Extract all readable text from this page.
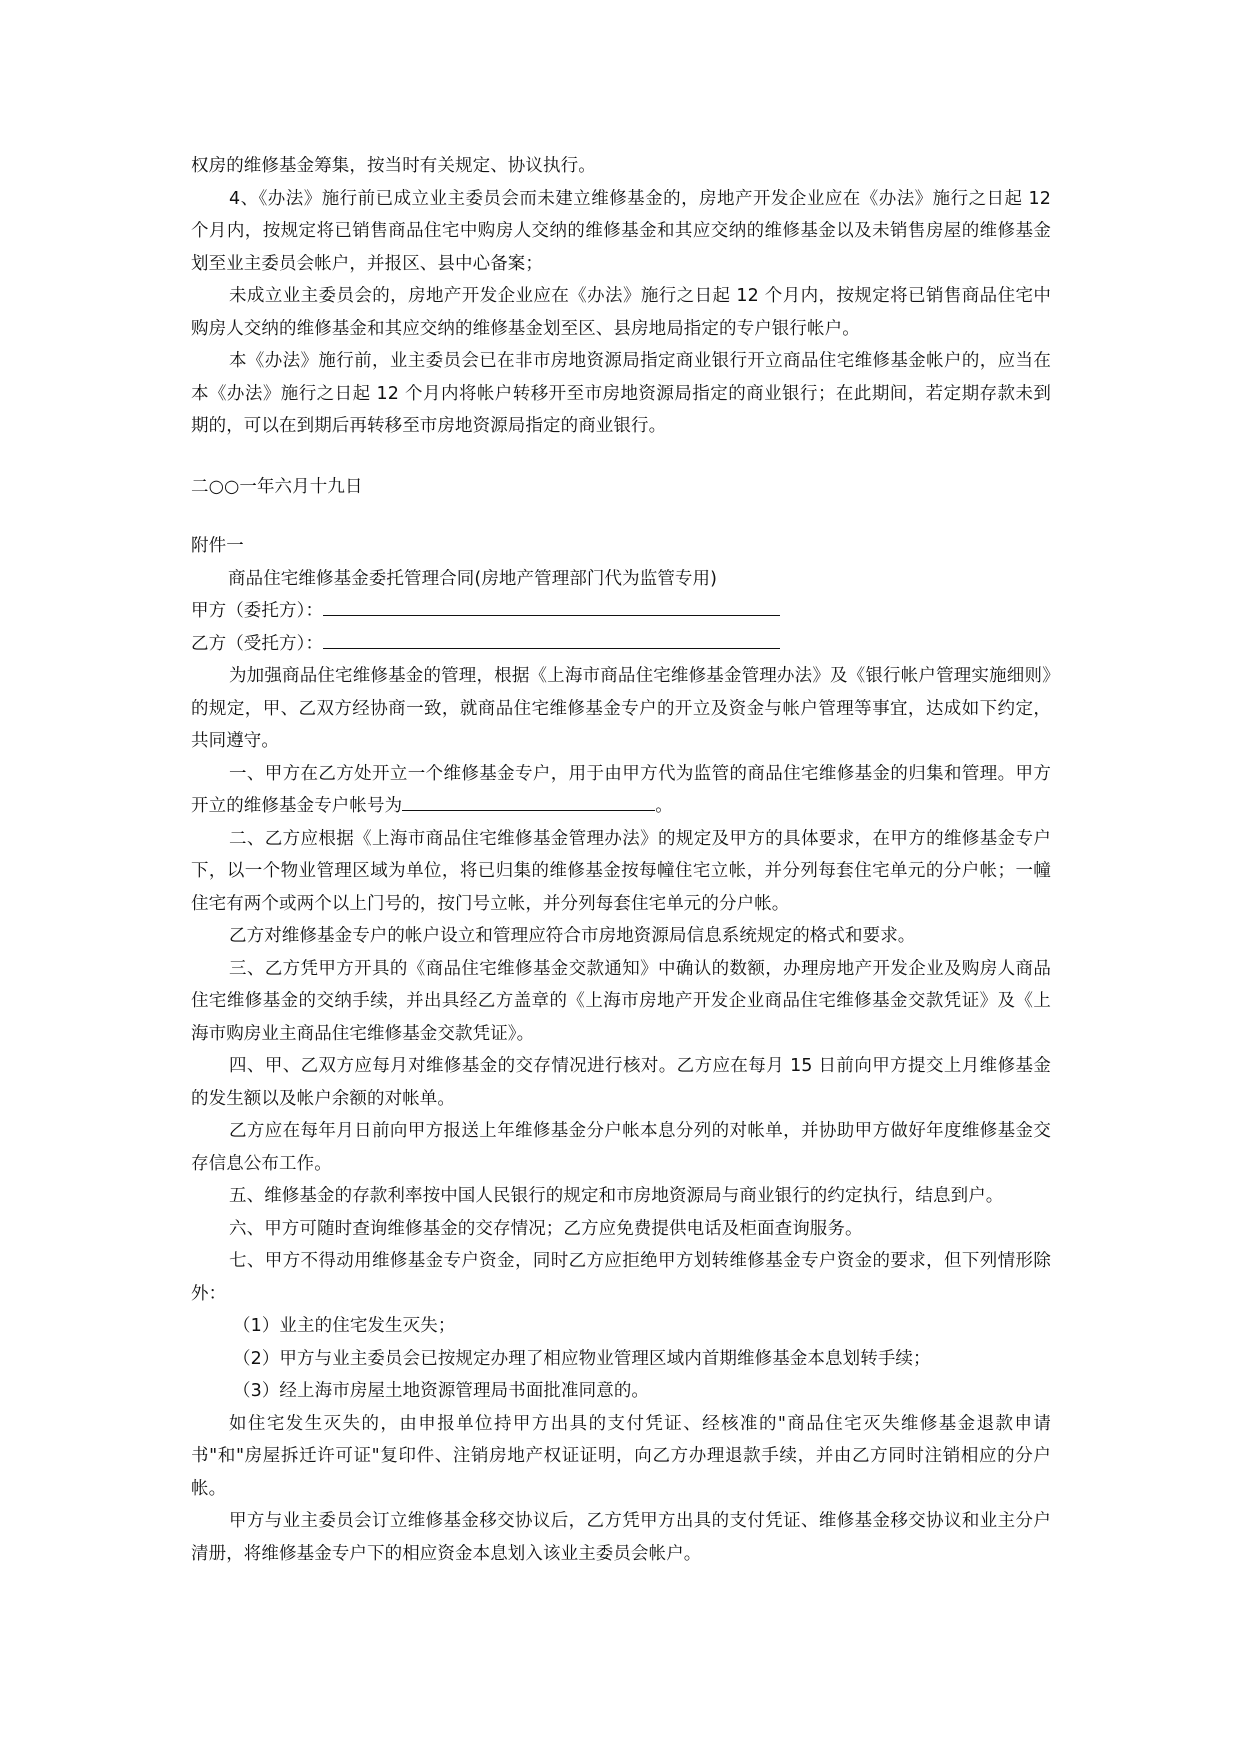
权房的维修基金筹集，按当时有关规定、协议执行。

4、《办法》施行前已成立业主委员会而未建立维修基金的，房地产开发企业应在《办法》施行之日起 12 个月内，按规定将已销售商品住宅中购房人交纳的维修基金和其应交纳的维修基金以及未销售房屋的维修基金划至业主委员会帐户，并报区、县中心备案；

未成立业主委员会的，房地产开发企业应在《办法》施行之日起 12 个月内，按规定将已销售商品住宅中购房人交纳的维修基金和其应交纳的维修基金划至区、县房地局指定的专户银行帐户。

本《办法》施行前，业主委员会已在非市房地资源局指定商业银行开立商品住宅维修基金帐户的，应当在本《办法》施行之日起 12 个月内将帐户转移开至市房地资源局指定的商业银行；在此期间，若定期存款未到期的，可以在到期后再转移至市房地资源局指定的商业银行。

二○○一年六月十九日

附件一

商品住宅维修基金委托管理合同(房地产管理部门代为监管专用)

甲方（委托方）：

乙方（受托方）：

为加强商品住宅维修基金的管理，根据《上海市商品住宅维修基金管理办法》及《银行帐户管理实施细则》的规定，甲、乙双方经协商一致，就商品住宅维修基金专户的开立及资金与帐户管理等事宜，达成如下约定，共同遵守。

一、甲方在乙方处开立一个维修基金专户，用于由甲方代为监管的商品住宅维修基金的归集和管理。甲方开立的维修基金专户帐号为	。

二、乙方应根据《上海市商品住宅维修基金管理办法》的规定及甲方的具体要求，在甲方的维修基金专户下，以一个物业管理区域为单位，将已归集的维修基金按每幢住宅立帐，并分列每套住宅单元的分户帐；一幢住宅有两个或两个以上门号的，按门号立帐，并分列每套住宅单元的分户帐。

乙方对维修基金专户的帐户设立和管理应符合市房地资源局信息系统规定的格式和要求。

三、乙方凭甲方开具的《商品住宅维修基金交款通知》中确认的数额，办理房地产开发企业及购房人商品住宅维修基金的交纳手续，并出具经乙方盖章的《上海市房地产开发企业商品住宅维修基金交款凭证》及《上海市购房业主商品住宅维修基金交款凭证》。

四、甲、乙双方应每月对维修基金的交存情况进行核对。乙方应在每月 15 日前向甲方提交上月维修基金的发生额以及帐户余额的对帐单。

乙方应在每年月日前向甲方报送上年维修基金分户帐本息分列的对帐单，并协助甲方做好年度维修基金交存信息公布工作。

五、维修基金的存款利率按中国人民银行的规定和市房地资源局与商业银行的约定执行，结息到户。

六、甲方可随时查询维修基金的交存情况；乙方应免费提供电话及柜面查询服务。

七、甲方不得动用维修基金专户资金，同时乙方应拒绝甲方划转维修基金专户资金的要求，但下列情形除外：

（1）业主的住宅发生灭失；

（2）甲方与业主委员会已按规定办理了相应物业管理区域内首期维修基金本息划转手续；

（3）经上海市房屋土地资源管理局书面批准同意的。

如住宅发生灭失的，由申报单位持甲方出具的支付凭证、经核准的"商品住宅灭失维修基金退款申请书"和"房屋拆迁许可证"复印件、注销房地产权证证明，向乙方办理退款手续，并由乙方同时注销相应的分户帐。

甲方与业主委员会订立维修基金移交协议后，乙方凭甲方出具的支付凭证、维修基金移交协议和业主分户清册，将维修基金专户下的相应资金本息划入该业主委员会帐户。
